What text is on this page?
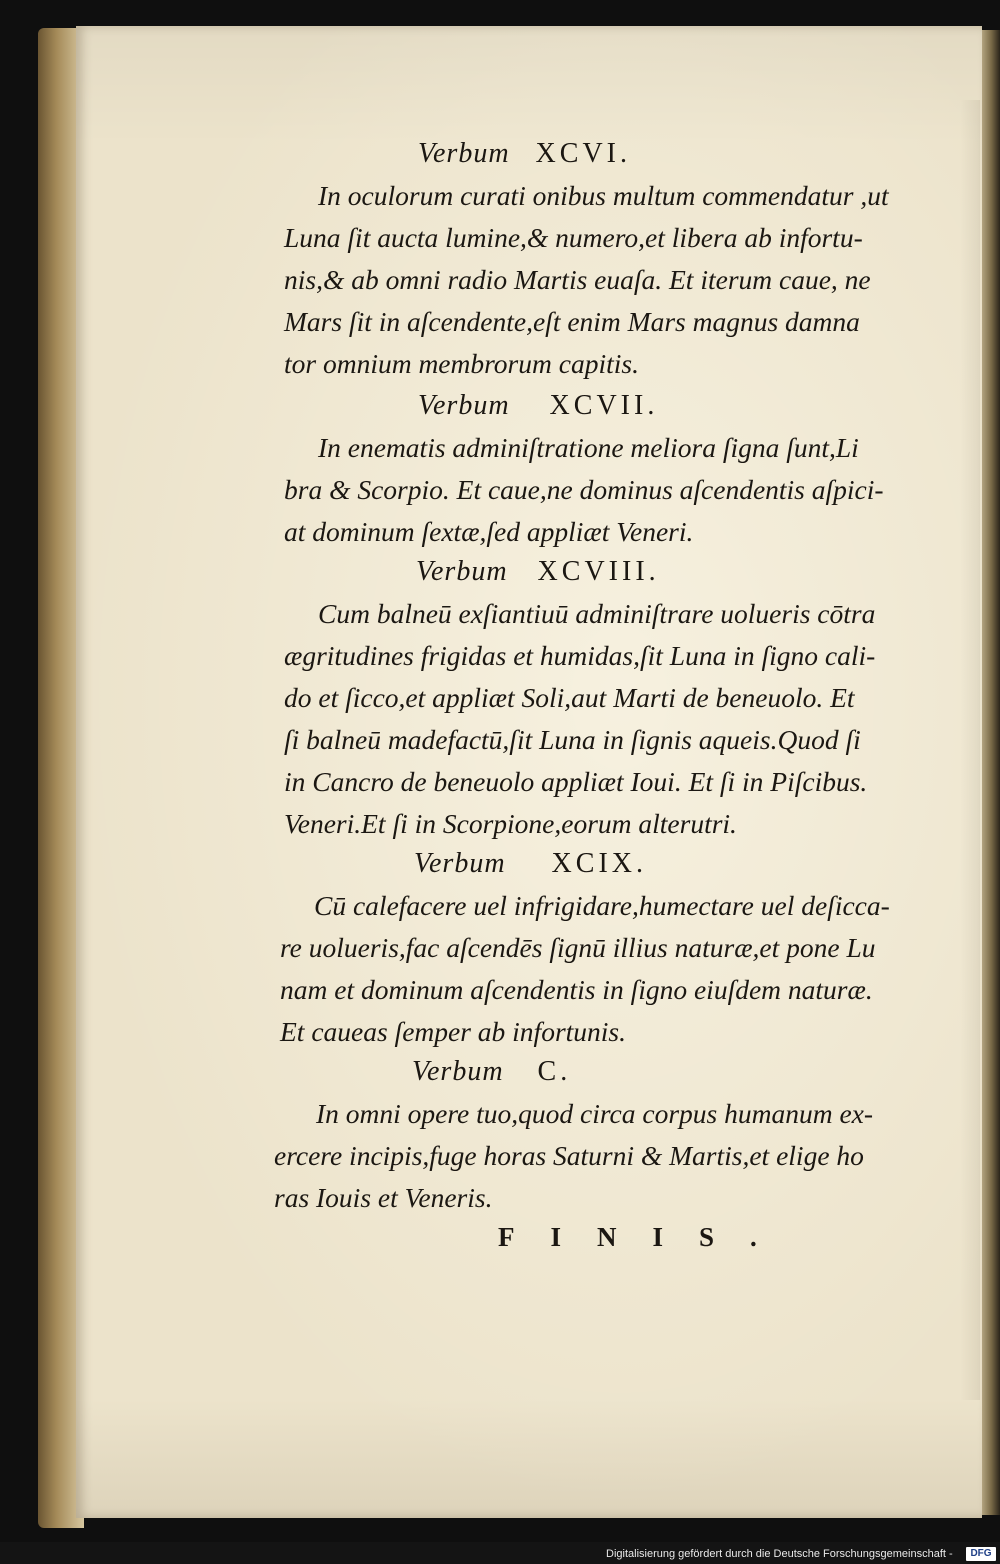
Verbum XCVI.
In oculorum curati onibus multum commendatur ,ut
Luna ſit aucta lumine,& numero,et libera ab infortu-
nis,& ab omni radio Martis euaſa. Et iterum caue, ne
Mars ſit in aſcendente,eſt enim Mars magnus damna
tor omnium membrorum capitis.
Verbum XCVII.
In enematis adminiſtratione meliora ſigna ſunt,Li
bra & Scorpio. Et caue,ne dominus aſcendentis aſpici-
at dominum ſextæ,ſed appliæt Veneri.
Verbum XCVIII.
Cum balneū exſiantiuū adminiſtrare uolueris cōtra
ægritudines frigidas et humidas,ſit Luna in ſigno cali-
do et ſicco,et appliæt Soli,aut Marti de beneuolo. Et
ſi balneū madefactū,ſit Luna in ſignis aqueis.Quod ſi
in Cancro de beneuolo appliæt Ioui. Et ſi in Piſcibus.
Veneri.Et ſi in Scorpione,eorum alterutri.
Verbum XCIX.
Cū calefacere uel infrigidare,humectare uel deſicca-
re uolueris,fac aſcendēs ſignū illius naturæ,et pone Lu
nam et dominum aſcendentis in ſigno eiuſdem naturæ.
Et caueas ſemper ab infortunis.
Verbum C.
In omni opere tuo,quod circa corpus humanum ex-
ercere incipis,fuge horas Saturni & Martis,et elige ho
ras Iouis et Veneris.
FINIS.
Digitalisierung gefördert durch die Deutsche Forschungsgemeinschaft -	DFG
